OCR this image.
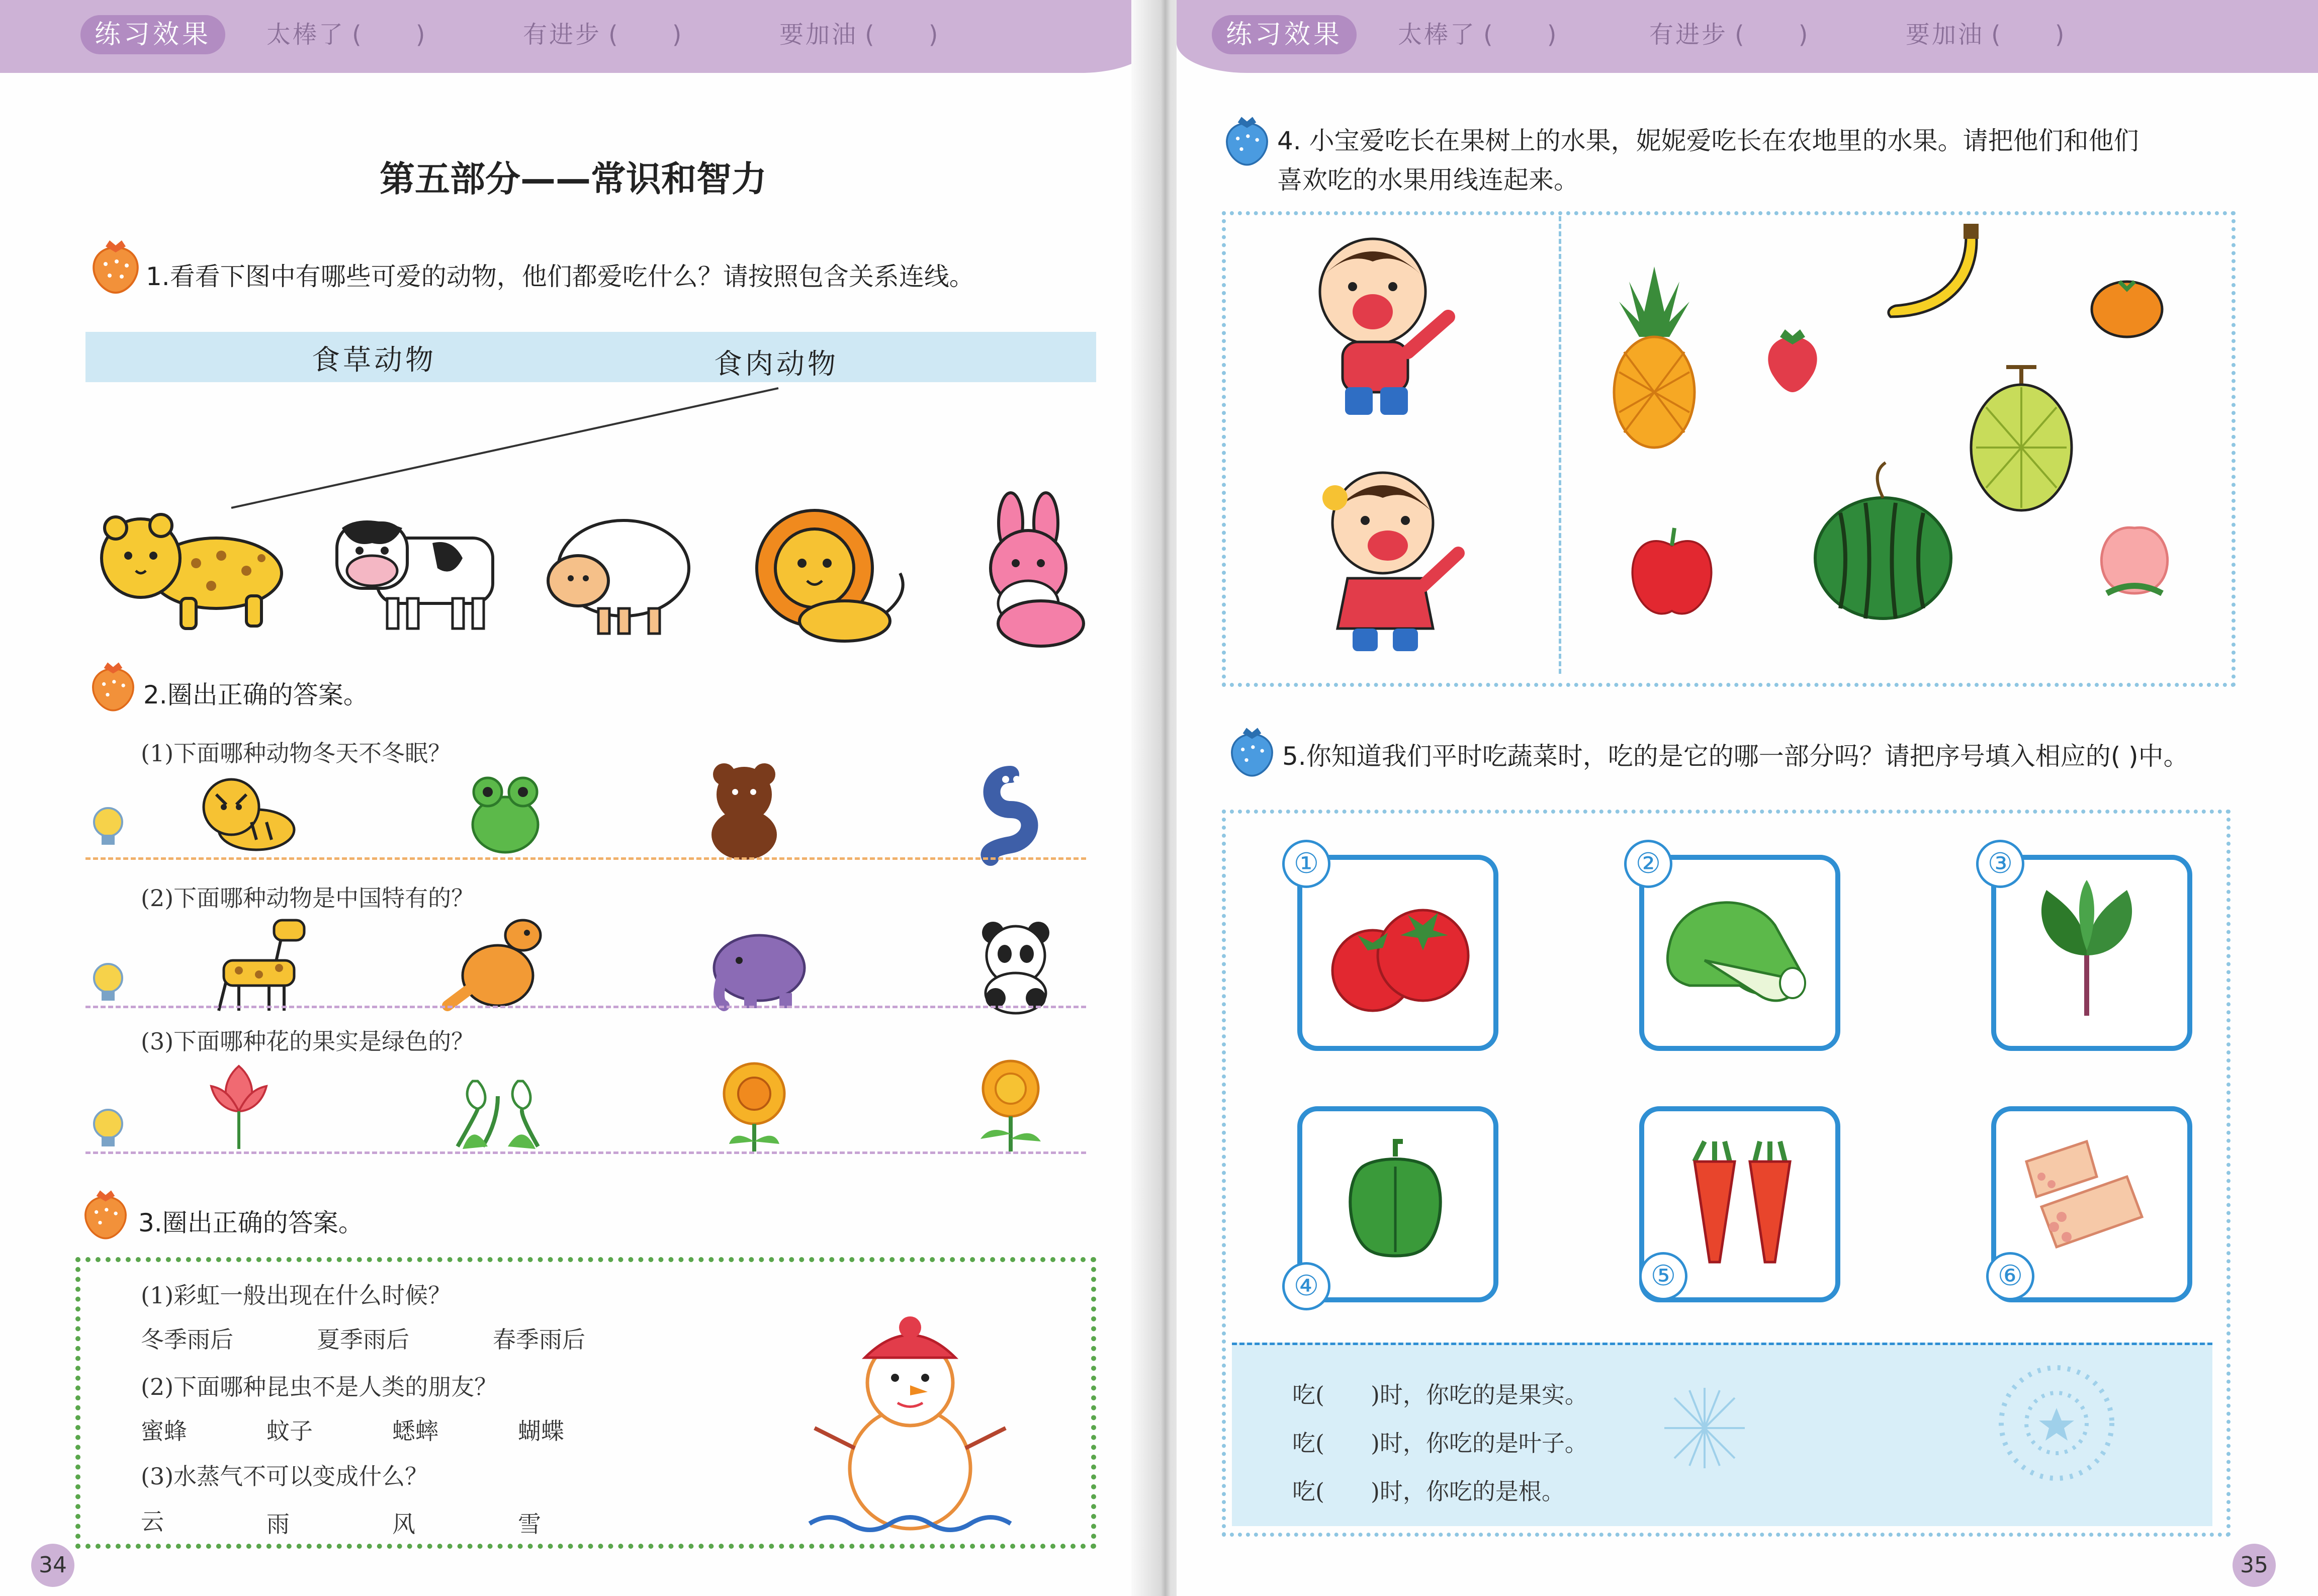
练习效果	太棒了 (　　)	有进步 (　　)	要加油 (　　)
第五部分——常识和智力
1.看看下图中有哪些可爱的动物，他们都爱吃什么？请按照包含关系连线。
食草动物	食肉动物
2.圈出正确的答案。
(1)下面哪种动物冬天不冬眠？
(2)下面哪种动物是中国特有的？
(3)下面哪种花的果实是绿色的？
3.圈出正确的答案。
(1)彩虹一般出现在什么时候？
冬季雨后	夏季雨后	春季雨后
(2)下面哪种昆虫不是人类的朋友？
蜜蜂	蚊子	蟋蟀	蝴蝶
(3)水蒸气不可以变成什么？
云	雨	风	雪
34
练习效果	太棒了 (　　)	有进步 (　　)	要加油 (　　)
4. 小宝爱吃长在果树上的水果，妮妮爱吃长在农地里的水果。请把他们和他们
喜欢吃的水果用线连起来。
5.你知道我们平时吃蔬菜时，吃的是它的哪一部分吗？请把序号填入相应的( )中。
①	②	③
④	⑤	⑥
吃(　　)时，你吃的是果实。
吃(　　)时，你吃的是叶子。
吃(　　)时，你吃的是根。
35
